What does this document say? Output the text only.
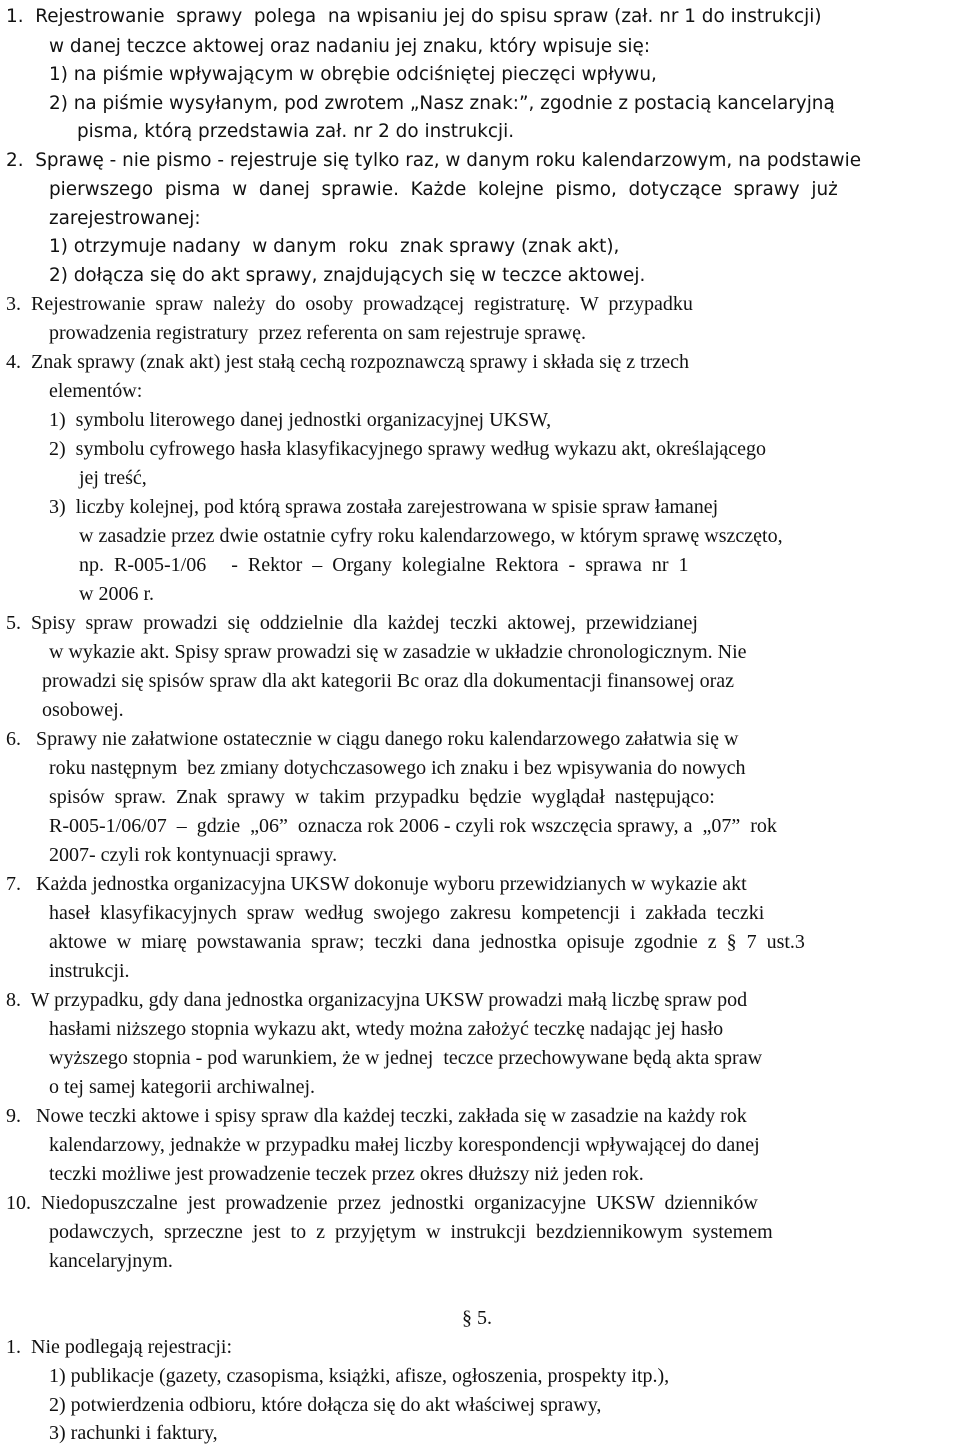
1.  Rejestrowanie  sprawy  polega  na wpisaniu jej do spisu spraw (zał. nr 1 do instrukcji)
w danej teczce aktowej oraz nadaniu jej znaku, który wpisuje się:
1) na piśmie wpływającym w obrębie odciśniętej pieczęci wpływu,
2) na piśmie wysyłanym, pod zwrotem „Nasz znak:”, zgodnie z postacią kancelaryjną
pisma, którą przedstawia zał. nr 2 do instrukcji.
2.  Sprawę - nie pismo - rejestruje się tylko raz, w danym roku kalendarzowym, na podstawie
pierwszego  pisma  w  danej  sprawie.  Każde  kolejne  pismo,  dotyczące  sprawy  już
zarejestrowanej:
1) otrzymuje nadany  w danym  roku  znak sprawy (znak akt),
2) dołącza się do akt sprawy, znajdujących się w teczce aktowej.
3.  Rejestrowanie  spraw  należy  do  osoby  prowadzącej  registraturę.  W  przypadku
prowadzenia registratury  przez referenta on sam rejestruje sprawę.
4.  Znak sprawy (znak akt) jest stałą cechą rozpoznawczą sprawy i składa się z trzech
elementów:
1)  symbolu literowego danej jednostki organizacyjnej UKSW,
2)  symbolu cyfrowego hasła klasyfikacyjnego sprawy według wykazu akt, określającego
jej treść,
3)  liczby kolejnej, pod którą sprawa została zarejestrowana w spisie spraw łamanej
w zasadzie przez dwie ostatnie cyfry roku kalendarzowego, w którym sprawę wszczęto,
np.  R-005-1/06     -  Rektor  –  Organy  kolegialne  Rektora  -  sprawa  nr  1
w 2006 r.
5.  Spisy  spraw  prowadzi  się  oddzielnie  dla  każdej  teczki  aktowej,  przewidzianej
w wykazie akt. Spisy spraw prowadzi się w zasadzie w układzie chronologicznym. Nie
prowadzi się spisów spraw dla akt kategorii Bc oraz dla dokumentacji finansowej oraz
osobowej.
6.   Sprawy nie załatwione ostatecznie w ciągu danego roku kalendarzowego załatwia się w
roku następnym  bez zmiany dotychczasowego ich znaku i bez wpisywania do nowych
spisów  spraw.  Znak  sprawy  w  takim  przypadku  będzie  wyglądał  następująco:
R-005-1/06/07  –  gdzie  „06”  oznacza rok 2006 - czyli rok wszczęcia sprawy, a  „07”  rok
2007- czyli rok kontynuacji sprawy.
7.   Każda jednostka organizacyjna UKSW dokonuje wyboru przewidzianych w wykazie akt
haseł  klasyfikacyjnych  spraw  według  swojego  zakresu  kompetencji  i  zakłada  teczki
aktowe  w  miarę  powstawania  spraw;  teczki  dana  jednostka  opisuje  zgodnie  z  §  7  ust.3
instrukcji.
8.  W przypadku, gdy dana jednostka organizacyjna UKSW prowadzi małą liczbę spraw pod
hasłami niższego stopnia wykazu akt, wtedy można założyć teczkę nadając jej hasło
wyższego stopnia - pod warunkiem, że w jednej  teczce przechowywane będą akta spraw
o tej samej kategorii archiwalnej.
9.   Nowe teczki aktowe i spisy spraw dla każdej teczki, zakłada się w zasadzie na każdy rok
kalendarzowy, jednakże w przypadku małej liczby korespondencji wpływającej do danej
teczki możliwe jest prowadzenie teczek przez okres dłuższy niż jeden rok.
10.  Niedopuszczalne  jest  prowadzenie  przez  jednostki  organizacyjne  UKSW  dzienników
podawczych,  sprzeczne  jest  to  z  przyjętym  w  instrukcji  bezdziennikowym  systemem
kancelaryjnym.
§ 5.
1.  Nie podlegają rejestracji:
1) publikacje (gazety, czasopisma, książki, afisze, ogłoszenia, prospekty itp.),
2) potwierdzenia odbioru, które dołącza się do akt właściwej sprawy,
3) rachunki i faktury,
